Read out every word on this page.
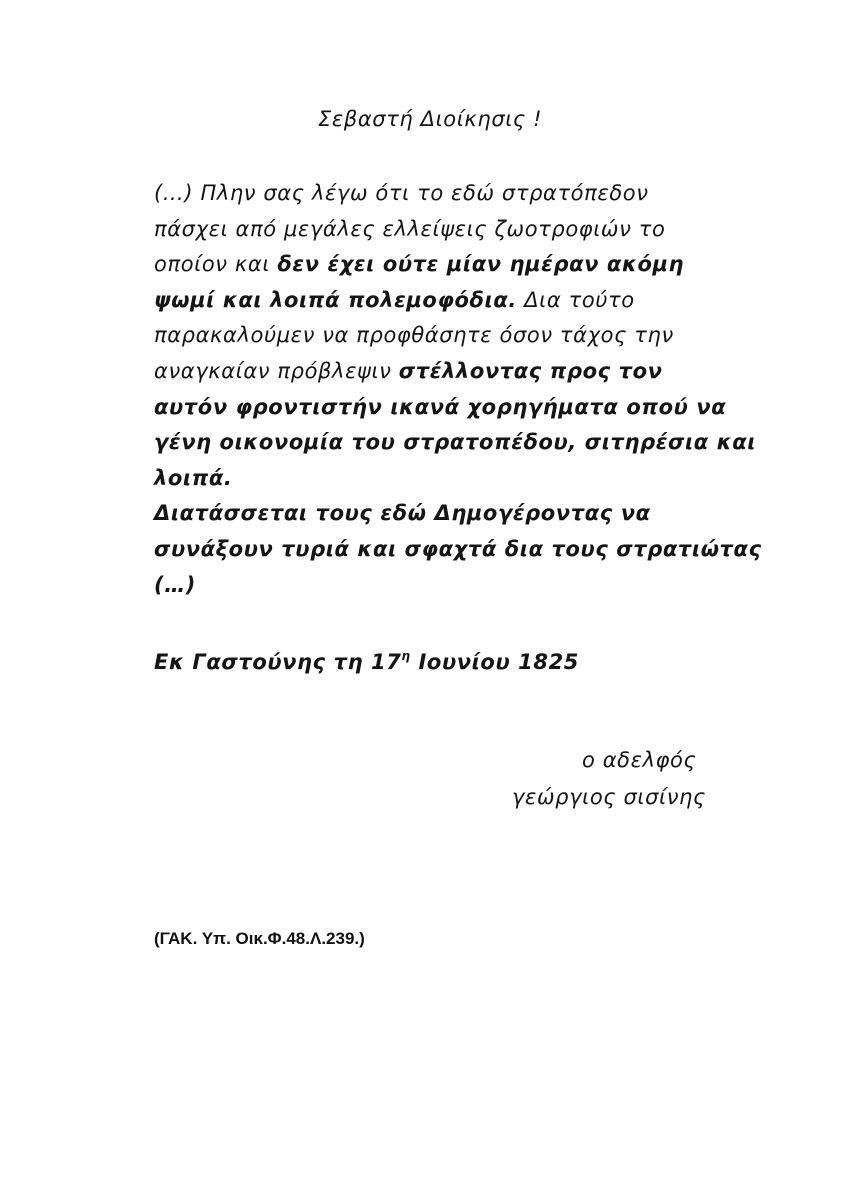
Σεβαστή Διοίκησις !

(…) Πλην σας λέγω ότι το εδώ στρατόπεδον
πάσχει από μεγάλες ελλείψεις ζωοτροφιών το
οποίον και δεν έχει ούτε μίαν ημέραν ακόμη
ψωμί και λοιπά πολεμοφόδια. Δια τούτο
παρακαλούμεν να προφθάσητε όσον τάχος την
αναγκαίαν πρόβλεψιν στέλλοντας προς τον
αυτόν φροντιστήν ικανά χορηγήματα οπού να
γένη οικονομία του στρατοπέδου, σιτηρέσια και
λοιπά.
Διατάσσεται τους εδώ Δημογέροντας να
συνάξουν τυριά και σφαχτά δια τους στρατιώτας
(…)

Εκ Γαστούνης τη $17^\eta$ Ιουνίου 1825

ο αδελφός
γεώργιος σισίνης

(ΓΑΚ. Υπ. Οικ.Φ.48.Λ.239.)
